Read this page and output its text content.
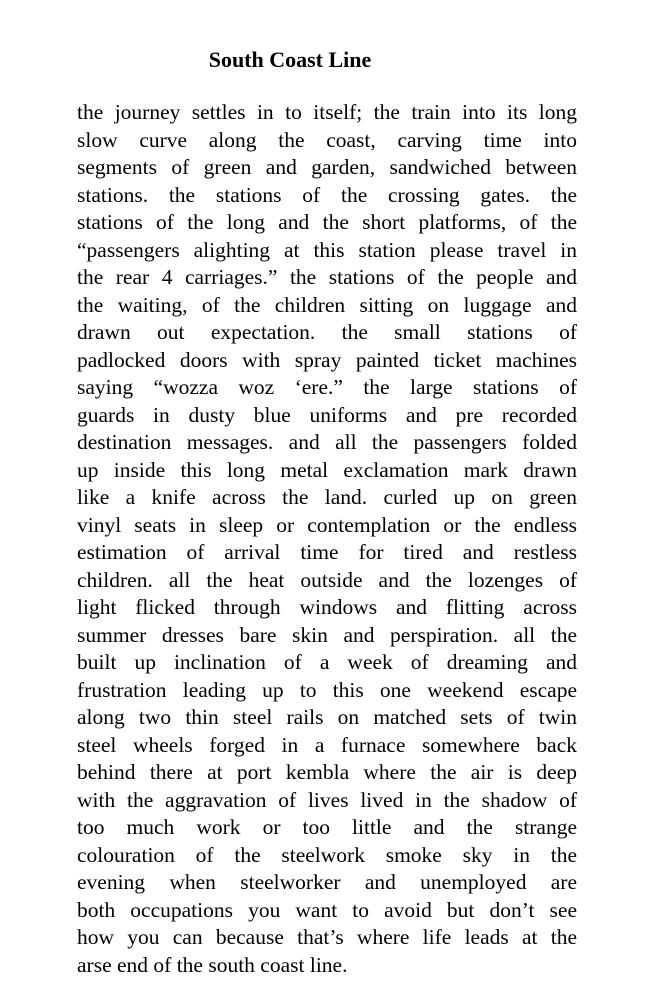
South Coast Line
the journey settles in to itself; the train into its long
slow curve along the coast, carving time into
segments of green and garden, sandwiched between
stations. the stations of the crossing gates. the
stations of the long and the short platforms, of the
“passengers alighting at this station please travel in
the rear 4 carriages.” the stations of the people and
the waiting, of the children sitting on luggage and
drawn out expectation. the small stations of
padlocked doors with spray painted ticket machines
saying “wozza woz ‘ere.” the large stations of
guards in dusty blue uniforms and pre recorded
destination messages. and all the passengers folded
up inside this long metal exclamation mark drawn
like a knife across the land. curled up on green
vinyl seats in sleep or contemplation or the endless
estimation of arrival time for tired and restless
children. all the heat outside and the lozenges of
light flicked through windows and flitting across
summer dresses bare skin and perspiration. all the
built up inclination of a week of dreaming and
frustration leading up to this one weekend escape
along two thin steel rails on matched sets of twin
steel wheels forged in a furnace somewhere back
behind there at port kembla where the air is deep
with the aggravation of lives lived in the shadow of
too much work or too little and the strange
colouration of the steelwork smoke sky in the
evening when steelworker and unemployed are
both occupations you want to avoid but don’t see
how you can because that’s where life leads at the
arse end of the south coast line.
